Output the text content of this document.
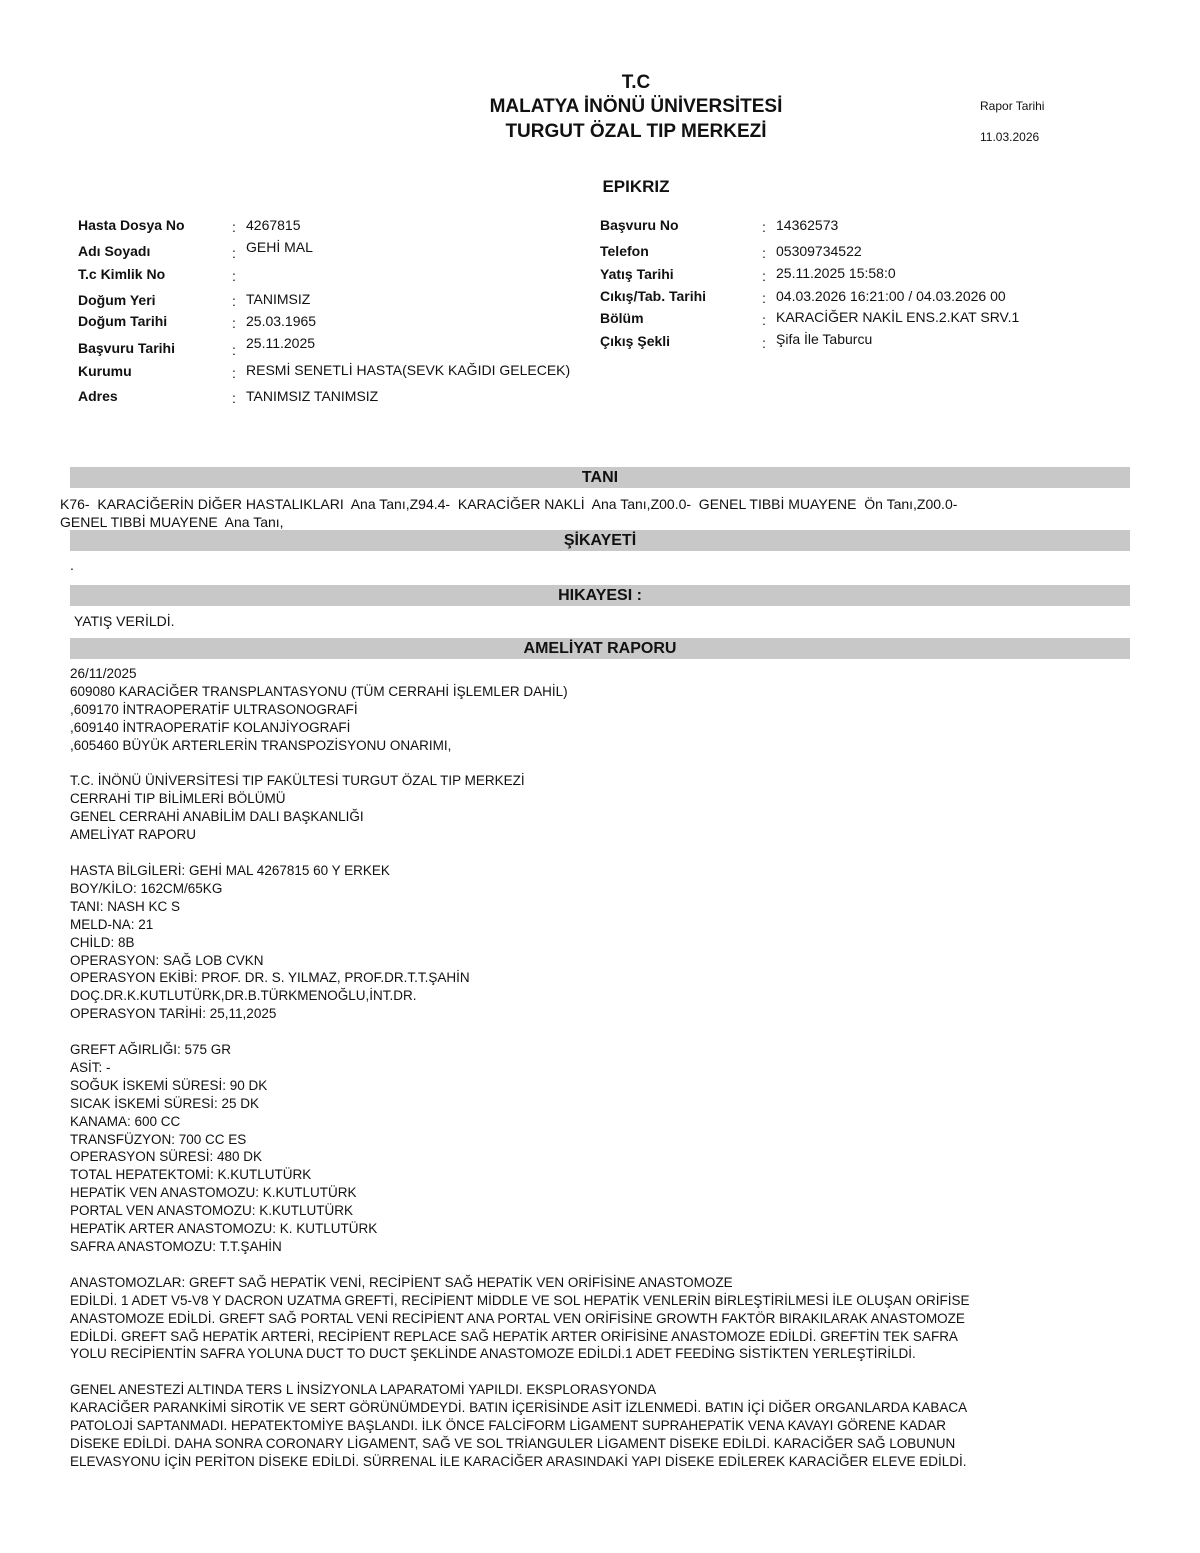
T.C
MALATYA İNÖNÜ ÜNİVERSİTESİ
TURGUT ÖZAL TIP MERKEZİ
Rapor Tarihi
11.03.2026
EPIKRIZ
Hasta Dosya No	: 4267815
Adı Soyadı	: GEHİ MAL
T.c Kimlik No	:
Doğum Yeri	: TANIMSIZ
Doğum Tarihi	: 25.03.1965
Başvuru Tarihi	: 25.11.2025
Kurumu	: RESMİ SENETLİ HASTA(SEVK KAĞIDI GELECEK)
Adres	: TANIMSIZ TANIMSIZ
Başvuru No	: 14362573
Telefon	: 05309734522
Yatış Tarihi	: 25.11.2025 15:58:0
Cıkış/Tab. Tarihi	: 04.03.2026 16:21:00 / 04.03.2026 00
Bölüm	: KARACİĞER NAKİL ENS.2.KAT SRV.1
Çıkış Şekli	: Şifa İle Taburcu
TANI
K76-  KARACİĞERİN DİĞER HASTALIKLARI  Ana Tanı,Z94.4-  KARACİĞER NAKLİ  Ana Tanı,Z00.0-  GENEL TIBBİ MUAYENE  Ön Tanı,Z00.0-
GENEL TIBBİ MUAYENE  Ana Tanı,
ŞİKAYETİ
.
HIKAYESI :
YATIŞ VERİLDİ.
AMELİYAT RAPORU
26/11/2025
609080 KARACİĞER TRANSPLANTASYONU (TÜM CERRAHİ İŞLEMLER DAHİL)
,609170 İNTRAOPERATİF ULTRASONOGRAFİ
,609140 İNTRAOPERATİF KOLANJİYOGRAFİ
,605460 BÜYÜK ARTERLERİN TRANSPOZİSYONU ONARIMI,

T.C. İNÖNÜ ÜNİVERSİTESİ TIP FAKÜLTESİ TURGUT ÖZAL TIP MERKEZİ
CERRAHİ TIP BİLİMLERİ BÖLÜMÜ
GENEL CERRAHİ ANABİLİM DALI BAŞKANLIĞI
AMELİYAT RAPORU

HASTA BİLGİLERİ: GEHİ MAL 4267815 60 Y ERKEK
BOY/KİLO: 162CM/65KG
TANI: NASH KC S
MELD-NA: 21
CHİLD: 8B
OPERASYON: SAĞ LOB CVKN
OPERASYON EKİBİ: PROF. DR. S. YILMAZ, PROF.DR.T.T.ŞAHİN
DOÇ.DR.K.KUTLUTÜRK,DR.B.TÜRKMENOĞLU,İNT.DR.
OPERASYON TARİHİ: 25,11,2025

GREFT AĞIRLIĞI: 575 GR
ASİT: -
SOĞUK İSKEMİ SÜRESİ: 90 DK
SICAK İSKEMİ SÜRESİ: 25 DK
KANAMA: 600 CC
TRANSFÜZYON: 700 CC ES
OPERASYON SÜRESİ: 480 DK
TOTAL HEPATEKTOMİ: K.KUTLUTÜRK
HEPATİK VEN ANASTOMOZU: K.KUTLUTÜRK
PORTAL VEN ANASTOMOZU: K.KUTLUTÜRK
HEPATİK ARTER ANASTOMOZU: K. KUTLUTÜRK
SAFRA ANASTOMOZU: T.T.ŞAHİN

ANASTOMOZLAR: GREFT SAĞ HEPATİK VENİ, RECİPİENT SAĞ HEPATİK VEN ORİFİSİNE ANASTOMOZE
EDİLDİ. 1 ADET V5-V8 Y DACRON UZATMA GREFTİ, RECİPİENT MİDDLE VE SOL HEPATİK VENLERİN BİRLEŞTİRİLMESİ İLE OLUŞAN ORİFİSE
ANASTOMOZE EDİLDİ. GREFT SAĞ PORTAL VENİ RECİPİENT ANA PORTAL VEN ORİFİSİNE GROWTH FAKTÖR BIRAKILARAK ANASTOMOZE
EDİLDİ. GREFT SAĞ HEPATİK ARTERİ, RECİPİENT REPLACE SAĞ HEPATİK ARTER ORİFİSİNE ANASTOMOZE EDİLDİ. GREFTİN TEK SAFRA
YOLU RECİPİENTİN SAFRA YOLUNA DUCT TO DUCT ŞEKLİNDE ANASTOMOZE EDİLDİ.1 ADET FEEDİNG SİSTİKTEN YERLEŞTİRİLDİ.

GENEL ANESTEZİ ALTINDA TERS L İNSİZYONLA LAPARATOMİ YAPILDI. EKSPLORASYONDA
KARACİĞER PARANKİMİ SİROTİK VE SERT GÖRÜNÜMDEYDİ. BATIN İÇERİSİNDE ASİT İZLENMEDİ. BATIN İÇİ DİĞER ORGANLARDA KABACA
PATOLOJİ SAPTANMADI. HEPATEKTOMİYE BAŞLANDI. İLK ÖNCE FALCİFORM LİGAMENT SUPRAHEPATİK VENA KAVAYI GÖRENE KADAR
DİSEKE EDİLDİ. DAHA SONRA CORONARY LİGAMENT, SAĞ VE SOL TRİANGULER LİGAMENT DİSEKE EDİLDİ. KARACİĞER SAĞ LOBUNUN
ELEVASYONU İÇİN PERİTON DİSEKE EDİLDİ. SÜRRENAL İLE KARACİĞER ARASINDAKİ YAPI DİSEKE EDİLEREK KARACİĞER ELEVE EDİLDİ.
